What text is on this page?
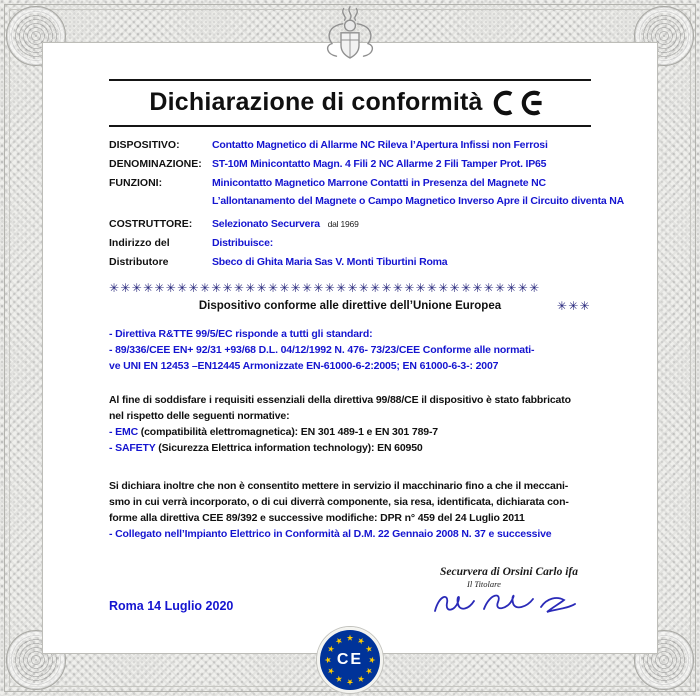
Dichiarazione di conformità
DISPOSITIVO:	Contatto Magnetico di Allarme NC Rileva l’Apertura Infissi non Ferrosi
DENOMINAZIONE: ST-10M Minicontatto Magn. 4 Fili 2 NC Allarme 2 Fili Tamper Prot. IP65
FUNZIONI:	Minicontatto Magnetico Marrone Contatti in Presenza del Magnete NC
L’allontanamento del Magnete o Campo Magnetico Inverso Apre il Circuito diventa NA
COSTRUTTORE:	Selezionato Securvera dal 1969
Indirizzo del	Distribuisce:
Distributore	Sbeco di Ghita Maria Sas V. Monti Tiburtini Roma
✳✳✳✳✳✳✳✳✳✳✳✳✳✳✳✳✳✳✳✳✳✳✳✳✳✳✳✳✳✳✳✳✳✳✳✳✳✳
Dispositivo conforme alle direttive dell’Unione Europea	✳✳✳
- Direttiva R&TTE 99/5/EC risponde a tutti gli standard:
- 89/336/CEE EN+ 92/31 +93/68 D.L. 04/12/1992 N. 476- 73/23/CEE Conforme alle normati-
ve UNI EN 12453 –EN12445 Armonizzate EN-61000-6-2:2005; EN 61000-6-3-: 2007
Al fine di soddisfare i requisiti essenziali della direttiva 99/88/CE il dispositivo è stato fabbricato
nel rispetto delle seguenti normative:
- EMC (compatibilità elettromagnetica): EN 301 489-1 e EN 301 789-7
- SAFETY (Sicurezza Elettrica information technology): EN 60950
Si dichiara inoltre che non è consentito mettere in servizio il macchinario fino a che il meccani-
smo in cui verrà incorporato, o di cui diverrà componente, sia resa, identificata, dichiarata con-
forme alla direttiva CEE 89/392 e successive modifiche: DPR n° 459 del 24 Luglio 2011
- Collegato nell’Impianto Elettrico in Conformità al D.M. 22 Gennaio 2008 N. 37 e successive
Roma 14 Luglio 2020
Securvera di Orsini Carlo ifa
Il Titolare
CE
